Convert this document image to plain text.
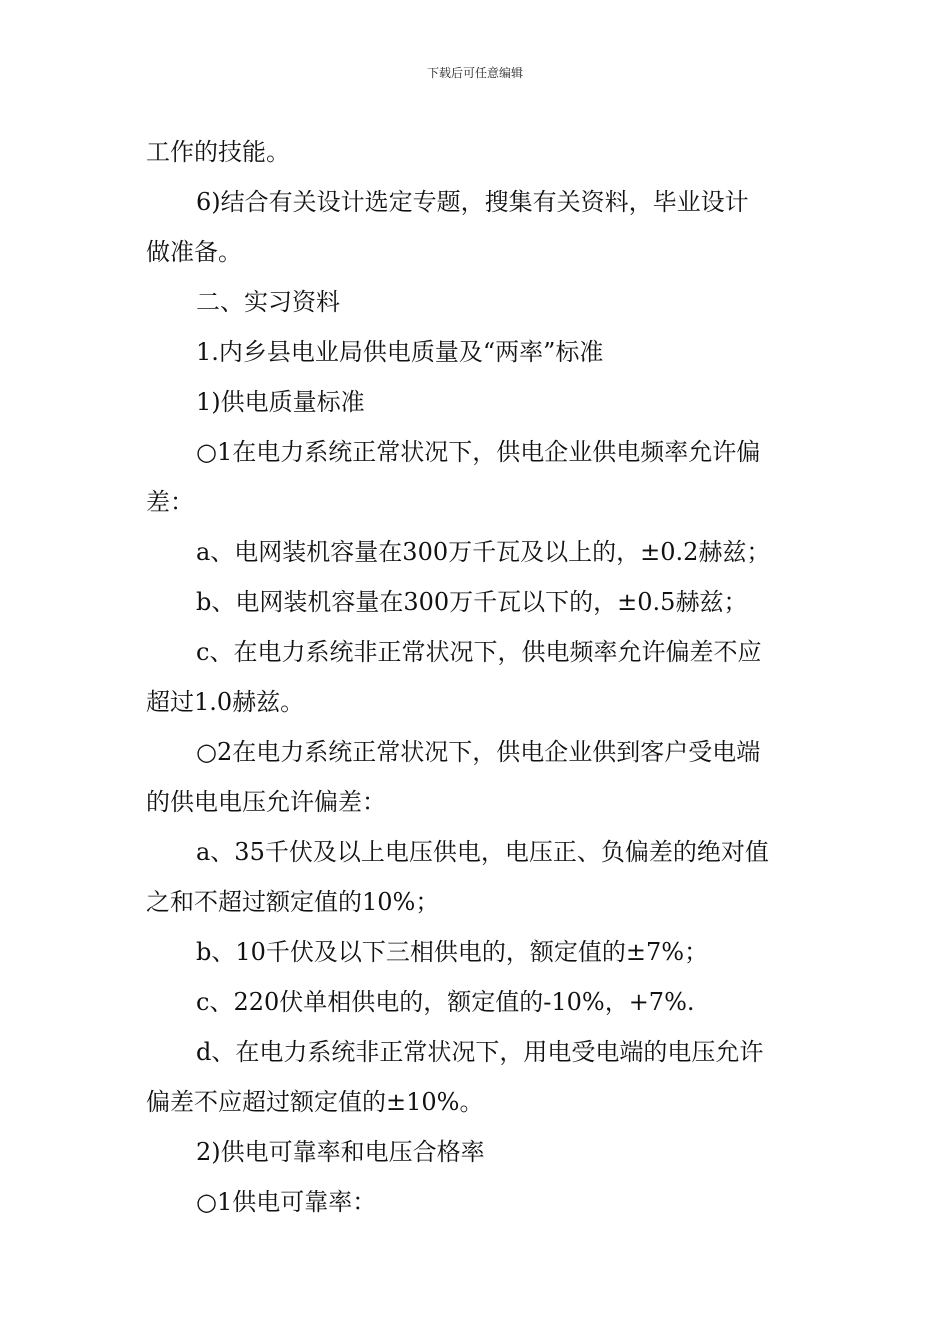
下载后可任意编辑

工作的技能。

6)结合有关设计选定专题，搜集有关资料，毕业设计

做准备。

二、实习资料

1.内乡县电业局供电质量及“两率”标准

1)供电质量标准

○1在电力系统正常状况下，供电企业供电频率允许偏

差：

a、电网装机容量在300万千瓦及以上的，±0.2赫兹；

b、电网装机容量在300万千瓦以下的，±0.5赫兹；

c、在电力系统非正常状况下，供电频率允许偏差不应

超过1.0赫兹。

○2在电力系统正常状况下，供电企业供到客户受电端

的供电电压允许偏差：

a、35千伏及以上电压供电，电压正、负偏差的绝对值

之和不超过额定值的10%；

b、10千伏及以下三相供电的，额定值的±7%；

c、220伏单相供电的，额定值的-10%，+7%.

d、在电力系统非正常状况下，用电受电端的电压允许

偏差不应超过额定值的±10%。

2)供电可靠率和电压合格率

○1供电可靠率：
